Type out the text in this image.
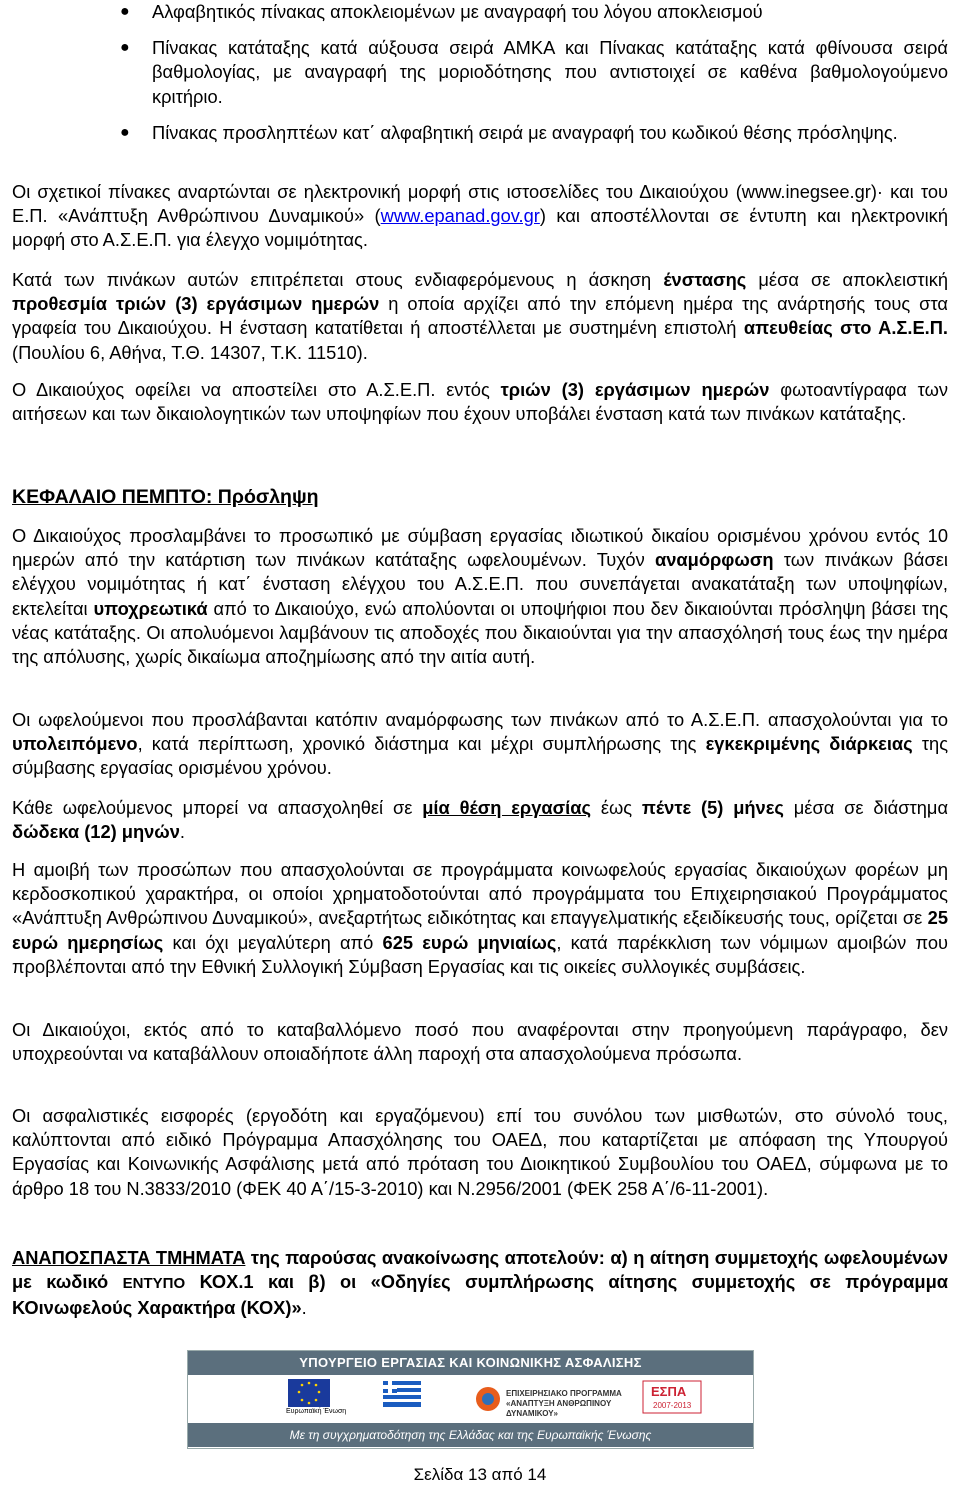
● Αλφαβητικός πίνακας αποκλειομένων με αναγραφή του λόγου αποκλεισμού
● Πίνακας κατάταξης κατά αύξουσα σειρά ΑΜΚΑ και Πίνακας κατάταξης κατά φθίνουσα σειρά βαθμολογίας, με αναγραφή της μοριοδότησης που αντιστοιχεί σε καθένα βαθμολογούμενο κριτήριο.
● Πίνακας προσληπτέων κατ΄ αλφαβητική σειρά με αναγραφή του κωδικού θέσης πρόσληψης.

Οι σχετικοί πίνακες αναρτώνται σε ηλεκτρονική μορφή στις ιστοσελίδες του Δικαιούχου (www.inegsee.gr)· και του Ε.Π. «Ανάπτυξη Ανθρώπινου Δυναμικού» (www.epanad.gov.gr) και αποστέλλονται σε έντυπη και ηλεκτρονική μορφή στο Α.Σ.Ε.Π. για έλεγχο νομιμότητας.

Κατά των πινάκων αυτών επιτρέπεται στους ενδιαφερόμενους η άσκηση ένστασης μέσα σε αποκλειστική προθεσμία τριών (3) εργάσιμων ημερών η οποία αρχίζει από την επόμενη ημέρα της ανάρτησής τους στα γραφεία του Δικαιούχου. Η ένσταση κατατίθεται ή αποστέλλεται με συστημένη επιστολή απευθείας στο Α.Σ.Ε.Π. (Πουλίου 6, Αθήνα, Τ.Θ. 14307, Τ.Κ. 11510).

Ο Δικαιούχος οφείλει να αποστείλει στο Α.Σ.Ε.Π. εντός τριών (3) εργάσιμων ημερών φωτοαντίγραφα των αιτήσεων και των δικαιολογητικών των υποψηφίων που έχουν υποβάλει ένσταση κατά των πινάκων κατάταξης.

ΚΕΦΑΛΑΙΟ ΠΕΜΠΤΟ: Πρόσληψη

Ο Δικαιούχος προσλαμβάνει το προσωπικό με σύμβαση εργασίας ιδιωτικού δικαίου ορισμένου χρόνου εντός 10 ημερών από την κατάρτιση των πινάκων κατάταξης ωφελουμένων. Τυχόν αναμόρφωση των πινάκων βάσει ελέγχου νομιμότητας ή κατ΄ ένσταση ελέγχου του Α.Σ.Ε.Π. που συνεπάγεται ανακατάταξη των υποψηφίων, εκτελείται υποχρεωτικά από το Δικαιούχο, ενώ απολύονται οι υποψήφιοι που δεν δικαιούνται πρόσληψη βάσει της νέας κατάταξης. Οι απολυόμενοι λαμβάνουν τις αποδοχές που δικαιούνται για την απασχόλησή τους έως την ημέρα της απόλυσης, χωρίς δικαίωμα αποζημίωσης από την αιτία αυτή.

Οι ωφελούμενοι που προσλάβανται κατόπιν αναμόρφωσης των πινάκων από το Α.Σ.Ε.Π. απασχολούνται για το υπολειπόμενο, κατά περίπτωση, χρονικό διάστημα και μέχρι συμπλήρωσης της εγκεκριμένης διάρκειας της σύμβασης εργασίας ορισμένου χρόνου.

Κάθε ωφελούμενος μπορεί να απασχοληθεί σε μία θέση εργασίας έως πέντε (5) μήνες μέσα σε διάστημα δώδεκα (12) μηνών.

Η αμοιβή των προσώπων που απασχολούνται σε προγράμματα κοινωφελούς εργασίας δικαιούχων φορέων μη κερδοσκοπικού χαρακτήρα, οι οποίοι χρηματοδοτούνται από προγράμματα του Επιχειρησιακού Προγράμματος «Ανάπτυξη Ανθρώπινου Δυναμικού», ανεξαρτήτως ειδικότητας και επαγγελματικής εξειδίκευσής τους, ορίζεται σε 25 ευρώ ημερησίως και όχι μεγαλύτερη από 625 ευρώ μηνιαίως, κατά παρέκκλιση των νόμιμων αμοιβών που προβλέπονται από την Εθνική Συλλογική Σύμβαση Εργασίας και τις οικείες συλλογικές συμβάσεις.

Οι Δικαιούχοι, εκτός από το καταβαλλόμενο ποσό που αναφέρονται στην προηγούμενη παράγραφο, δεν υποχρεούνται να καταβάλλουν οποιαδήποτε άλλη παροχή στα απασχολούμενα πρόσωπα.

Οι ασφαλιστικές εισφορές (εργοδότη και εργαζόμενου) επί του συνόλου των μισθωτών, στο σύνολό τους, καλύπτονται από ειδικό Πρόγραμμα Απασχόλησης του ΟΑΕΔ, που καταρτίζεται με απόφαση της Υπουργού Εργασίας και Κοινωνικής Ασφάλισης μετά από πρόταση του Διοικητικού Συμβουλίου του ΟΑΕΔ, σύμφωνα με το άρθρο 18 του Ν.3833/2010 (ΦΕΚ 40 Α΄/15-3-2010) και Ν.2956/2001 (ΦΕΚ 258 Α΄/6-11-2001).

ΑΝΑΠΟΣΠΑΣΤΑ ΤΜΗΜΑΤΑ της παρούσας ανακοίνωσης αποτελούν: α) η αίτηση συμμετοχής ωφελουμένων με κωδικό ΕΝΤΥΠΟ ΚΟΧ.1 και β) οι «Οδηγίες συμπλήρωσης αίτησης συμμετοχής σε πρόγραμμα ΚΟινωφελούς Χαρακτήρα (ΚΟΧ)».

ΥΠΟΥΡΓΕΙΟ ΕΡΓΑΣΙΑΣ ΚΑΙ ΚΟΙΝΩΝΙΚΗΣ ΑΣΦΑΛΙΣΗΣ
Ευρωπαϊκή Ένωση
ΕΠΙΧΕΙΡΗΣΙΑΚΟ ΠΡΟΓΡΑΜΜΑ «ΑΝΑΠΤΥΞΗ ΑΝΘΡΩΠΙΝΟΥ ΔΥΝΑΜΙΚΟΥ»
ΕΣΠΑ
2007-2013
Με τη συγχρηματοδότηση της Ελλάδας και της Ευρωπαϊκής Ένωσης
Σελίδα 13 από 14
